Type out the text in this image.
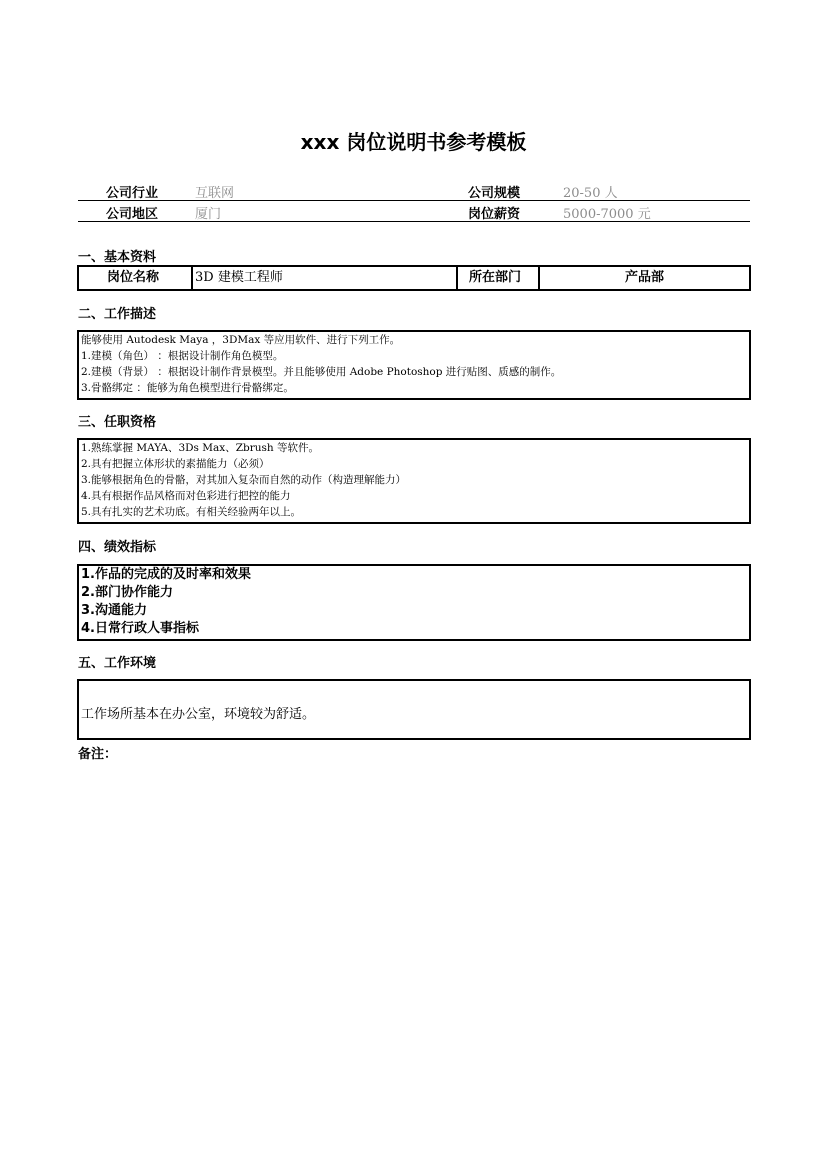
xxx 岗位说明书参考模板
公司行业	互联网	公司规模	20-50 人
公司地区	厦门	岗位薪资	5000-7000 元
一、基本资料
岗位名称	3D 建模工程师	所在部门	产品部
二、工作描述
能够使用 Autodesk Maya ，3DMax 等应用软件、进行下列工作。
1.建模（角色） ：根据设计制作角色模型。
2.建模（背景） ：根据设计制作背景模型。并且能够使用 Adobe Photoshop 进行贴图、质感的制作。
3.骨骼绑定 ：能够为角色模型进行骨骼绑定。
三、任职资格
1.熟练掌握 MAYA、3Ds Max、Zbrush 等软件。
2.具有把握立体形状的素描能力（必须）
3.能够根据角色的骨骼，对其加入复杂而自然的动作（构造理解能力）
4.具有根据作品风格而对色彩进行把控的能力
5.具有扎实的艺术功底。有相关经验两年以上。
四、绩效指标
1.作品的完成的及时率和效果
2.部门协作能力
3.沟通能力
4.日常行政人事指标
五、工作环境
工作场所基本在办公室，环境较为舒适。
备注：
